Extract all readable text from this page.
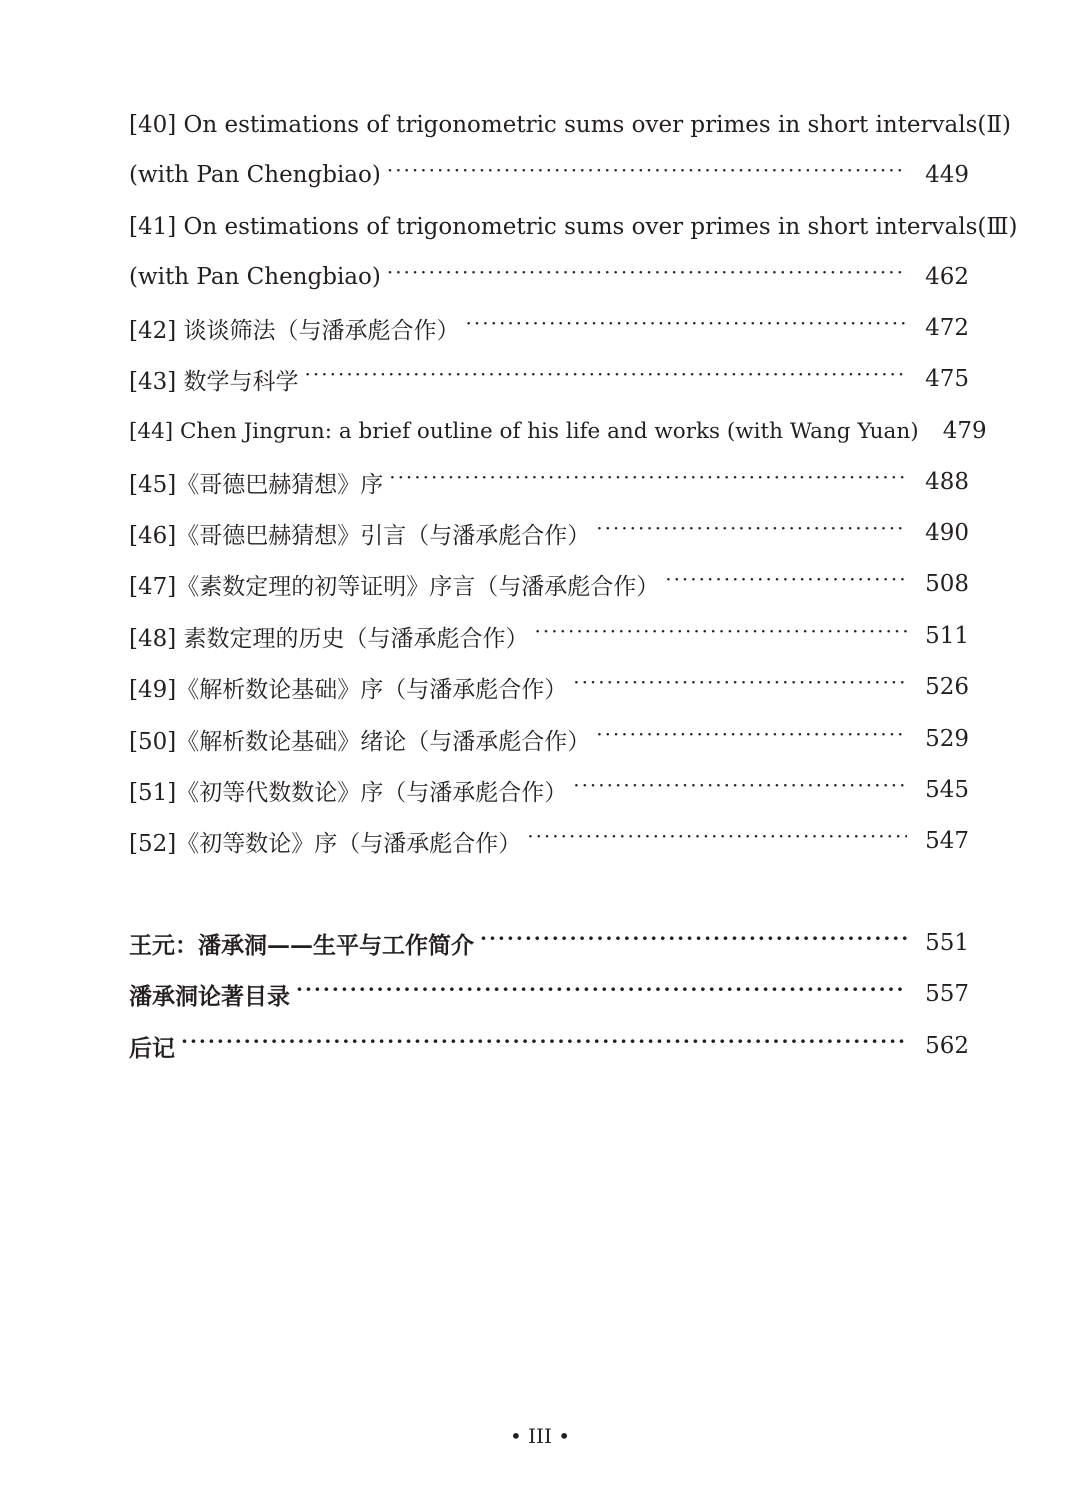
[40] On estimations of trigonometric sums over primes in short intervals(Ⅱ)
(with Pan Chengbiao) ·····	449
[41] On estimations of trigonometric sums over primes in short intervals(Ⅲ)
(with Pan Chengbiao) ·····	462
[42] 谈谈筛法（与潘承彪合作） ·····	472
[43] 数学与科学 ·····	475
[44] Chen Jingrun: a brief outline of his life and works (with Wang Yuan)	479
[45]《哥德巴赫猜想》序 ·····	488
[46]《哥德巴赫猜想》引言（与潘承彪合作） ·····	490
[47]《素数定理的初等证明》序言（与潘承彪合作） ·····	508
[48] 素数定理的历史（与潘承彪合作） ·····	511
[49]《解析数论基础》序（与潘承彪合作） ·····	526
[50]《解析数论基础》绪论（与潘承彪合作） ·····	529
[51]《初等代数数论》序（与潘承彪合作） ·····	545
[52]《初等数论》序（与潘承彪合作） ·····	547
王元：潘承洞——生平与工作简介 ·····	551
潘承洞论著目录 ·····	557
后记 ·····	562
• III •
